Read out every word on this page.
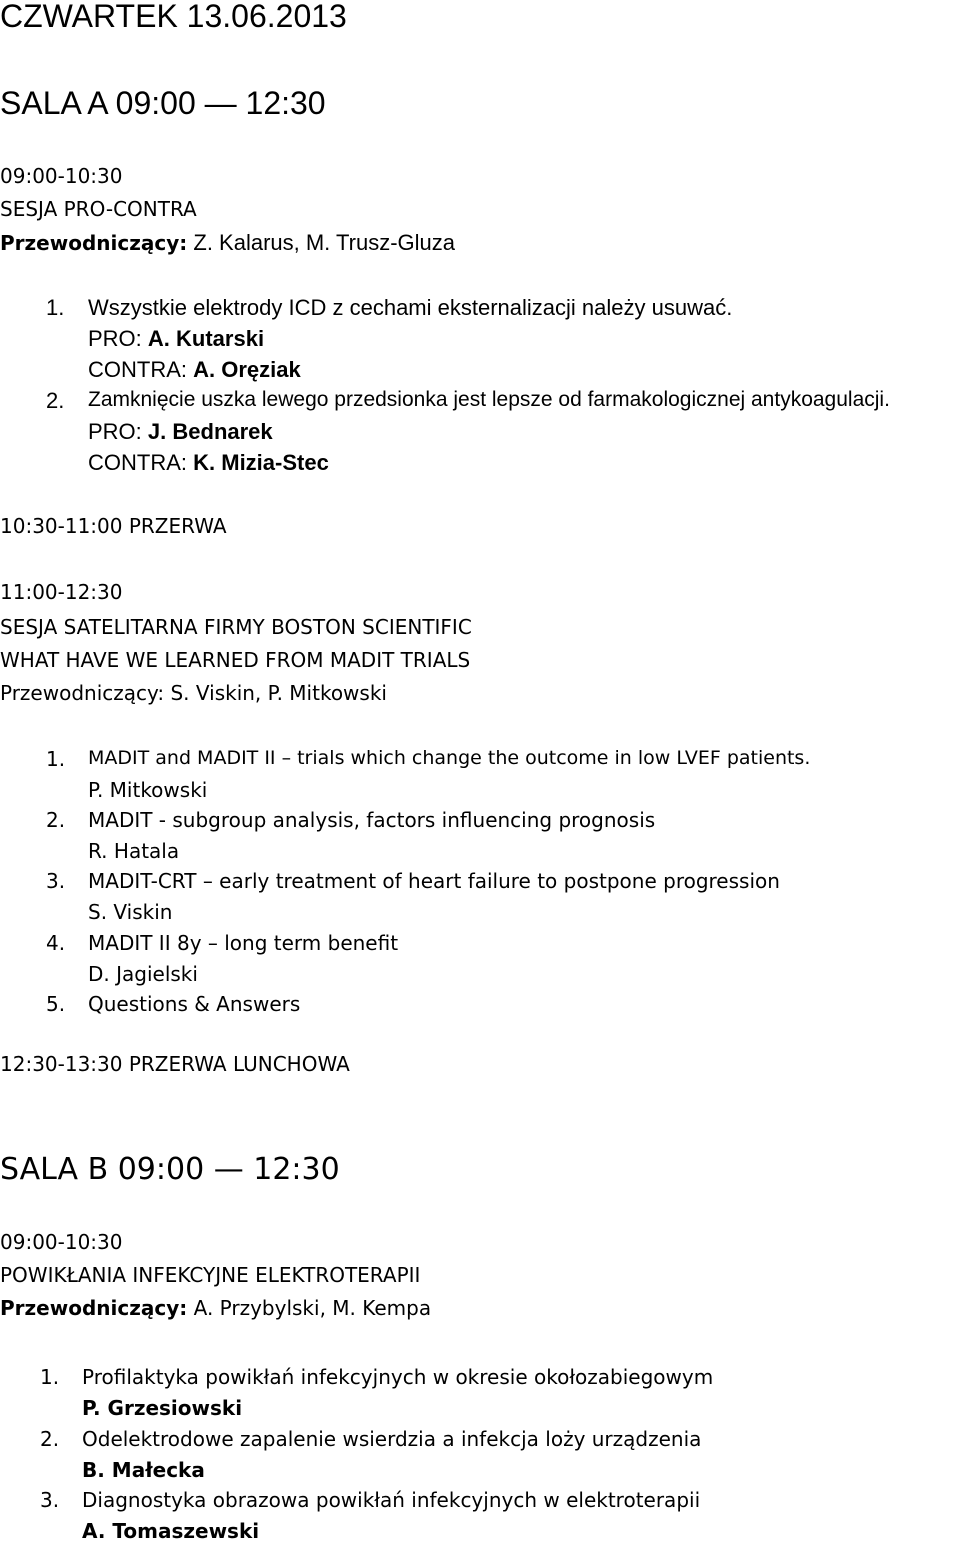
CZWARTEK 13.06.2013
SALA A 09:00 — 12:30
09:00-10:30
SESJA PRO-CONTRA
Przewodniczący: Z. Kalarus, M. Trusz-Gluza
1. Wszystkie elektrody ICD z cechami eksternalizacji należy usuwać.
PRO: A. Kutarski
CONTRA: A. Oręziak
2. Zamknięcie uszka lewego przedsionka jest lepsze od farmakologicznej antykoagulacji.
PRO: J. Bednarek
CONTRA: K. Mizia-Stec
10:30-11:00 PRZERWA
11:00-12:30
SESJA SATELITARNA FIRMY BOSTON SCIENTIFIC
WHAT HAVE WE LEARNED FROM MADIT TRIALS
Przewodniczący: S. Viskin, P. Mitkowski
1. MADIT and MADIT II – trials which change the outcome in low LVEF patients.
P. Mitkowski
2. MADIT - subgroup analysis, factors influencing prognosis
R. Hatala
3. MADIT-CRT – early treatment of heart failure to postpone progression
S. Viskin
4. MADIT II 8y – long term benefit
D. Jagielski
5. Questions & Answers
12:30-13:30 PRZERWA LUNCHOWA
SALA B 09:00 — 12:30
09:00-10:30
POWIKŁANIA INFEKCYJNE ELEKTROTERAPII
Przewodniczący: A. Przybylski, M. Kempa
1. Profilaktyka powikłań infekcyjnych w okresie okołozabiegowym
P. Grzesiowski
2. Odelektrodowe zapalenie wsierdzia a infekcja loży urządzenia
B. Małecka
3. Diagnostyka obrazowa powikłań infekcyjnych w elektroterapii
A. Tomaszewski
